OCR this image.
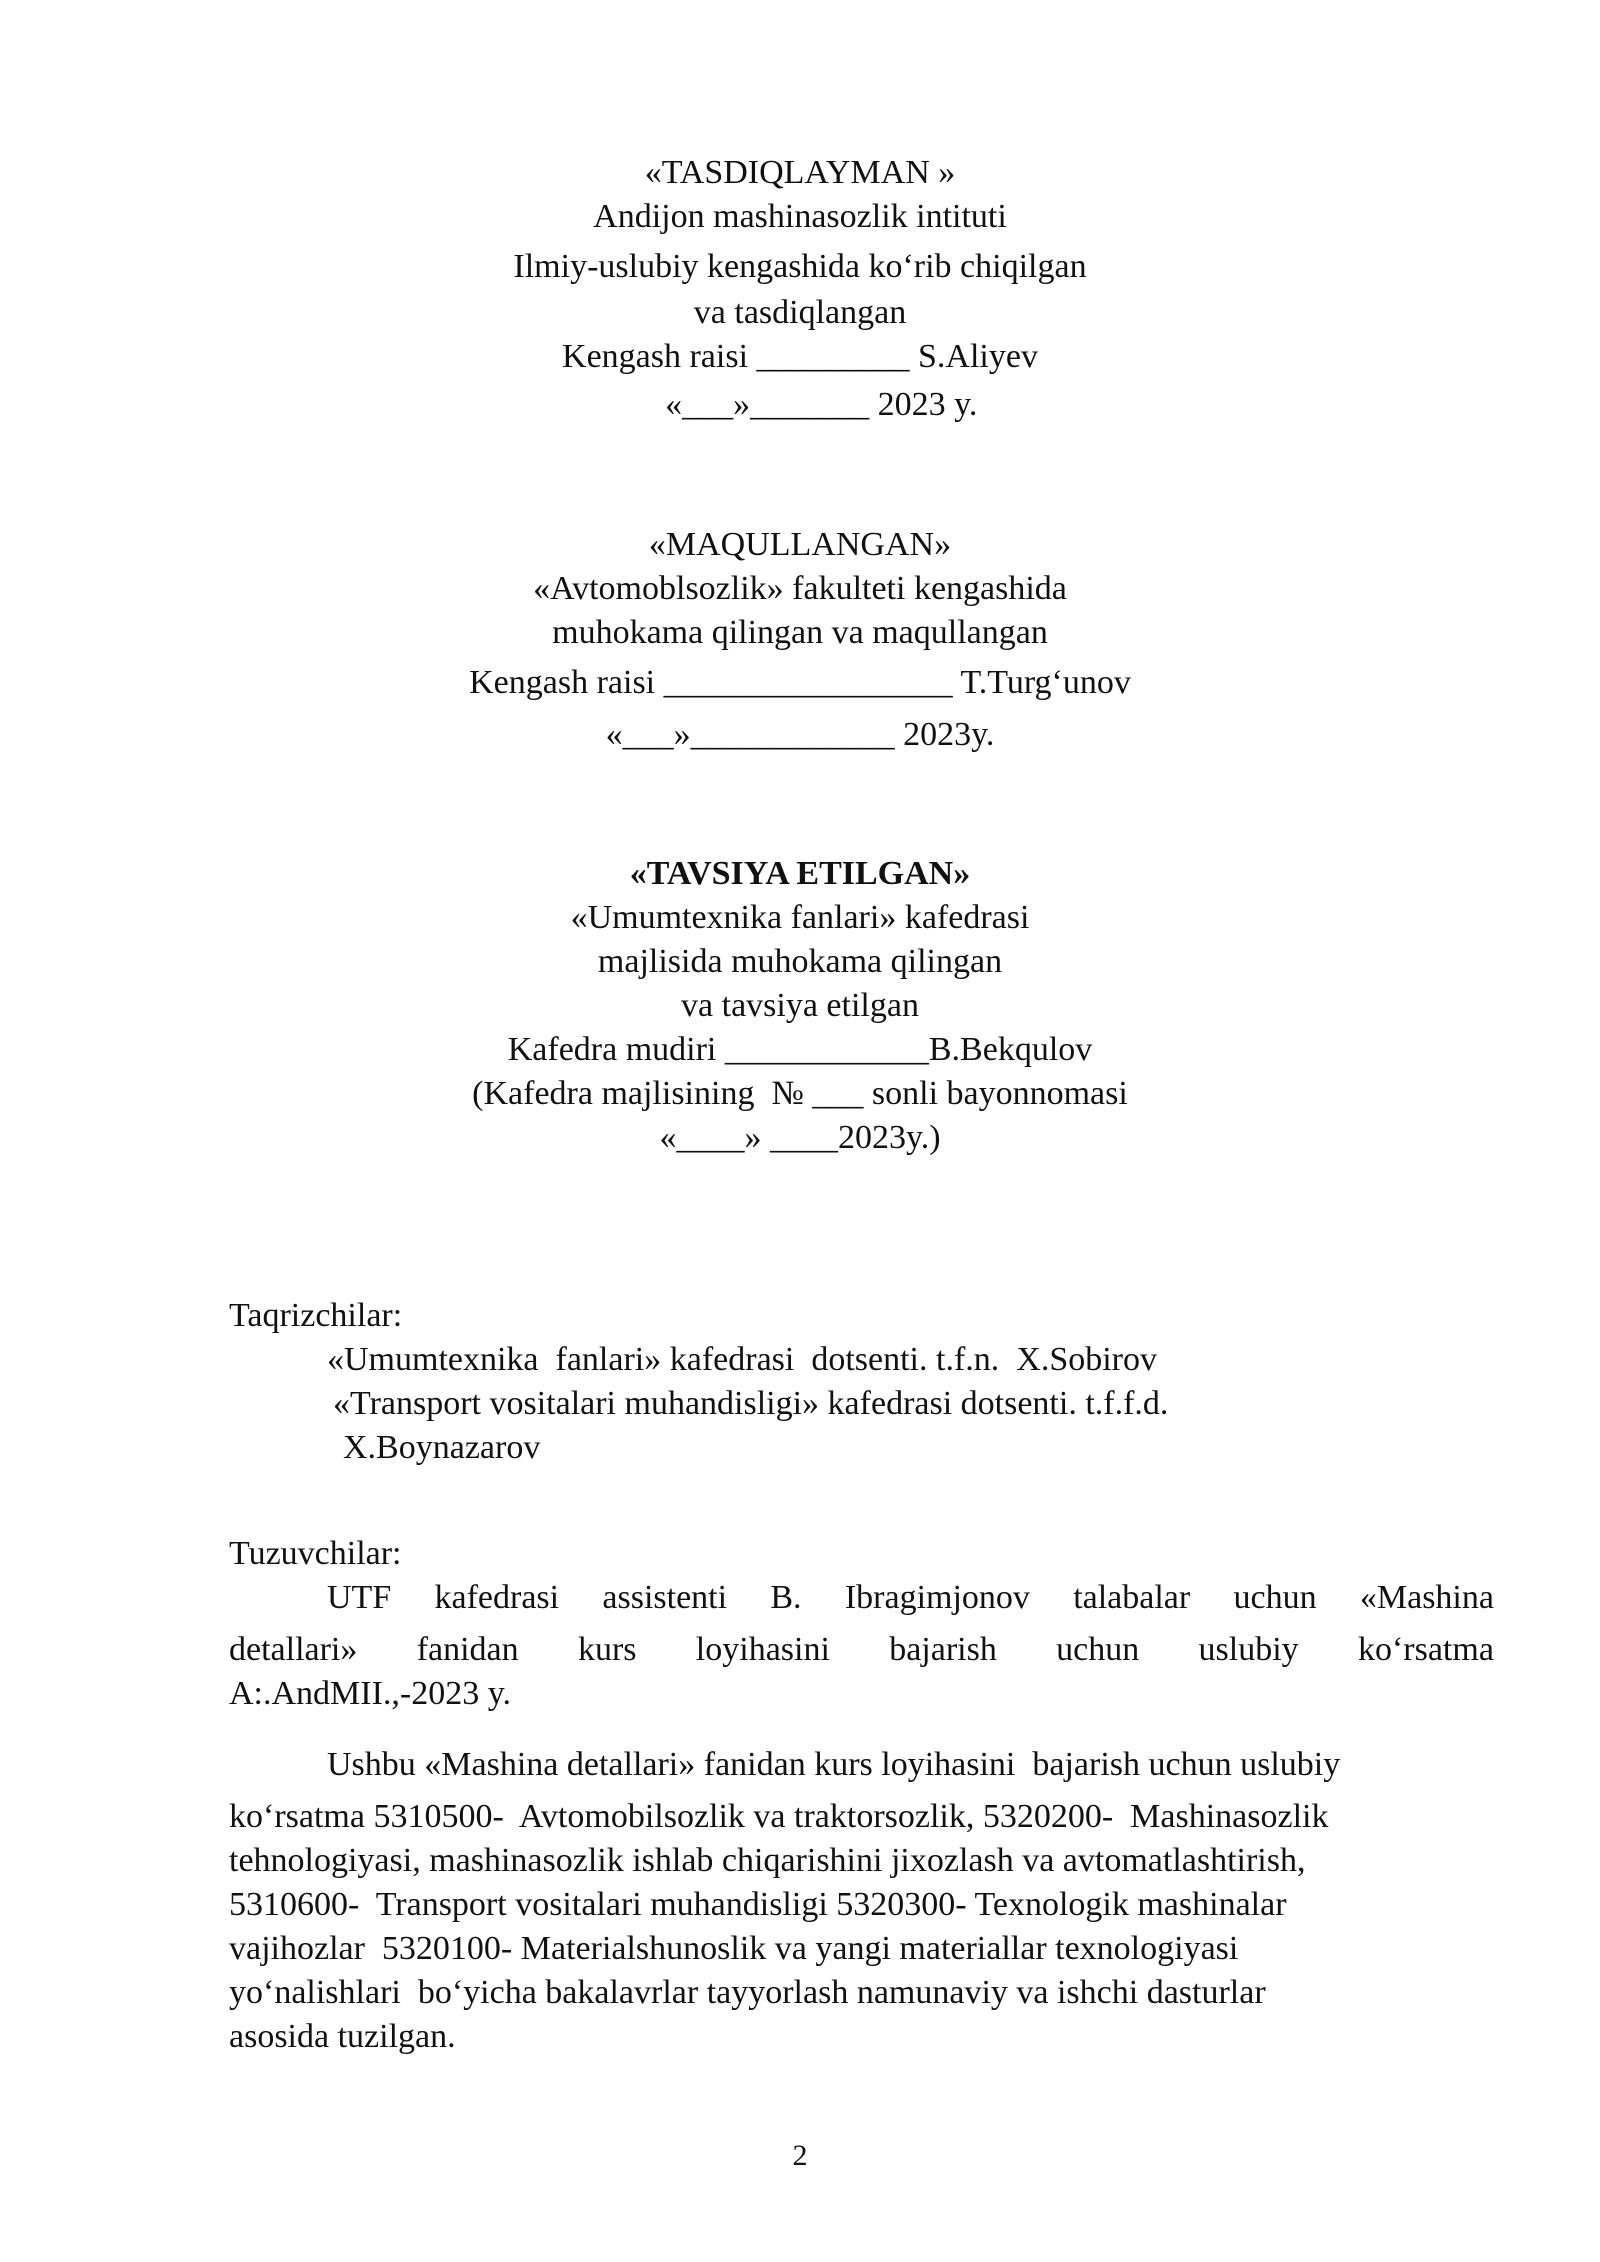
«TASDIQLAYMAN »
Andijon mashinasozlik intituti
Ilmiy-uslubiy kengashida koʻrib chiqilgan
va tasdiqlangan
Kengash raisi _________ S.Aliyev
«___»_______ 2023 y.
«MAQULLANGAN»
«Avtomoblsozlik» fakulteti kengashida
muhokama qilingan va maqullangan
Kengash raisi _________________ T.Turgʻunov
«___»____________ 2023y.
«TAVSIYA ETILGAN»
«Umumtexnika fanlari» kafedrasi
majlisida muhokama qilingan
va tavsiya etilgan
Kafedra mudiri ____________B.Bekqulov
(Kafedra majlisining  № ___ sonli bayonnomasi
«____» ____2023y.)
Taqrizchilar:
«Umumtexnika  fanlari» kafedrasi  dotsenti. t.f.n.  X.Sobirov
«Transport vositalari muhandisligi» kafedrasi dotsenti. t.f.f.d.
X.Boynazarov
Tuzuvchilar:
UTF kafedrasi assistenti B. Ibragimjonov talabalar uchun «Mashina
detallari» fanidan kurs loyihasini bajarish uchun uslubiy koʻrsatma
A:.AndMII.,-2023 y.
Ushbu «Mashina detallari» fanidan kurs loyihasini  bajarish uchun uslubiy
koʻrsatma 5310500-  Avtomobilsozlik va traktorsozlik, 5320200-  Mashinasozlik
tehnologiyasi, mashinasozlik ishlab chiqarishini jixozlash va avtomatlashtirish,
5310600-  Transport vositalari muhandisligi 5320300- Texnologik mashinalar
vajihozlar  5320100- Materialshunoslik va yangi materiallar texnologiyasi
yoʻnalishlari  boʻyicha bakalavrlar tayyorlash namunaviy va ishchi dasturlar
asosida tuzilgan.
2
